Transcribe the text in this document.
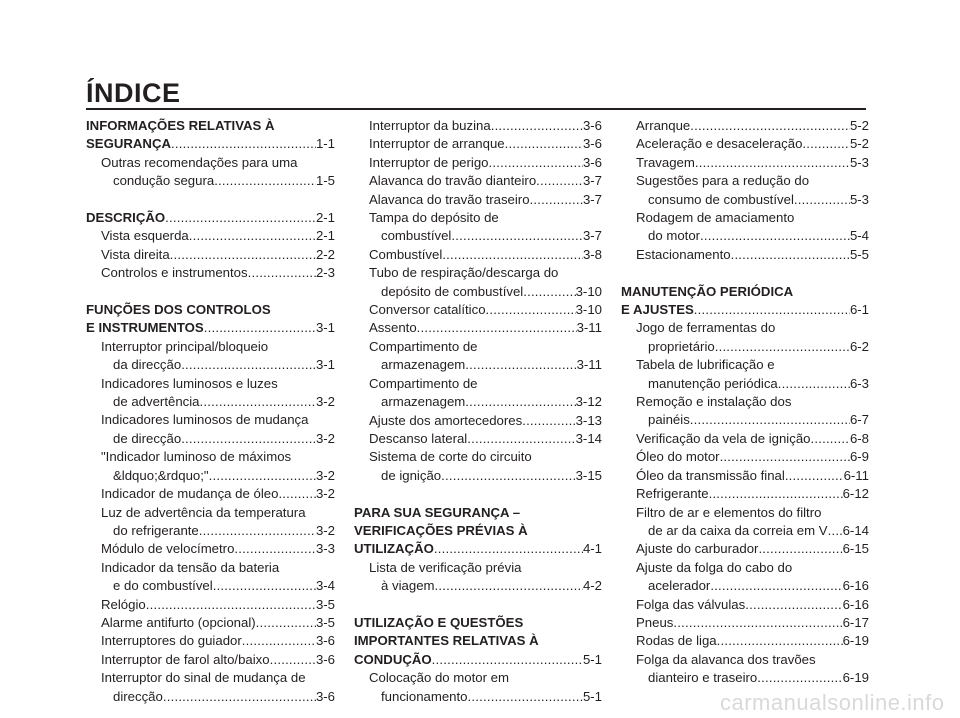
ÍNDICE
INFORMAÇÕES RELATIVAS À
SEGURANÇA .....	1-1
Outras recomendações para uma
condução segura .....	1-5
DESCRIÇÃO .....	2-1
Vista esquerda .....	2-1
Vista direita .....	2-2
Controlos e instrumentos .....	2-3
FUNÇÕES DOS CONTROLOS
E INSTRUMENTOS .....	3-1
Interruptor principal/bloqueio
da direcção .....	3-1
Indicadores luminosos e luzes
de advertência .....	3-2
Indicadores luminosos de mudança
de direcção .....	3-2
"Indicador luminoso de máximos
&ldquo;&rdquo;" .....	3-2
Indicador de mudança de óleo .....	3-2
Luz de advertência da temperatura
do refrigerante .....	3-2
Módulo de velocímetro .....	3-3
Indicador da tensão da bateria
e do combustível .....	3-4
Relógio .....	3-5
Alarme antifurto (opcional) .....	3-5
Interruptores do guiador .....	3-6
Interruptor de farol alto/baixo .....	3-6
Interruptor do sinal de mudança de
direcção .....	3-6
Interruptor da buzina .....	3-6
Interruptor de arranque .....	3-6
Interruptor de perigo .....	3-6
Alavanca do travão dianteiro .....	3-7
Alavanca do travão traseiro .....	3-7
Tampa do depósito de
combustível .....	3-7
Combustível .....	3-8
Tubo de respiração/descarga do
depósito de combustível .....	3-10
Conversor catalítico .....	3-10
Assento .....	3-11
Compartimento de
armazenagem .....	3-11
Compartimento de
armazenagem .....	3-12
Ajuste dos amortecedores .....	3-13
Descanso lateral .....	3-14
Sistema de corte do circuito
de ignição .....	3-15
PARA SUA SEGURANÇA –
VERIFICAÇÕES PRÉVIAS À
UTILIZAÇÃO .....	4-1
Lista de verificação prévia
à viagem .....	4-2
UTILIZAÇÃO E QUESTÕES
IMPORTANTES RELATIVAS À
CONDUÇÃO .....	5-1
Colocação do motor em
funcionamento .....	5-1
Arranque .....	5-2
Aceleração e desaceleração .....	5-2
Travagem .....	5-3
Sugestões para a redução do
consumo de combustível .....	5-3
Rodagem de amaciamento
do motor .....	5-4
Estacionamento .....	5-5
MANUTENÇÃO PERIÓDICA
E AJUSTES .....	6-1
Jogo de ferramentas do
proprietário .....	6-2
Tabela de lubrificação e
manutenção periódica .....	6-3
Remoção e instalação dos
painéis .....	6-7
Verificação da vela de ignição .....	6-8
Óleo do motor .....	6-9
Óleo da transmissão final .....	6-11
Refrigerante .....	6-12
Filtro de ar e elementos do filtro
de ar da caixa da correia em V ..... 6-14
Ajuste do carburador .....	6-15
Ajuste da folga do cabo do
acelerador .....	6-16
Folga das válvulas .....	6-16
Pneus .....	6-17
Rodas de liga .....	6-19
Folga da alavanca dos travões
dianteiro e traseiro .....	6-19
carmanualsonline.info
